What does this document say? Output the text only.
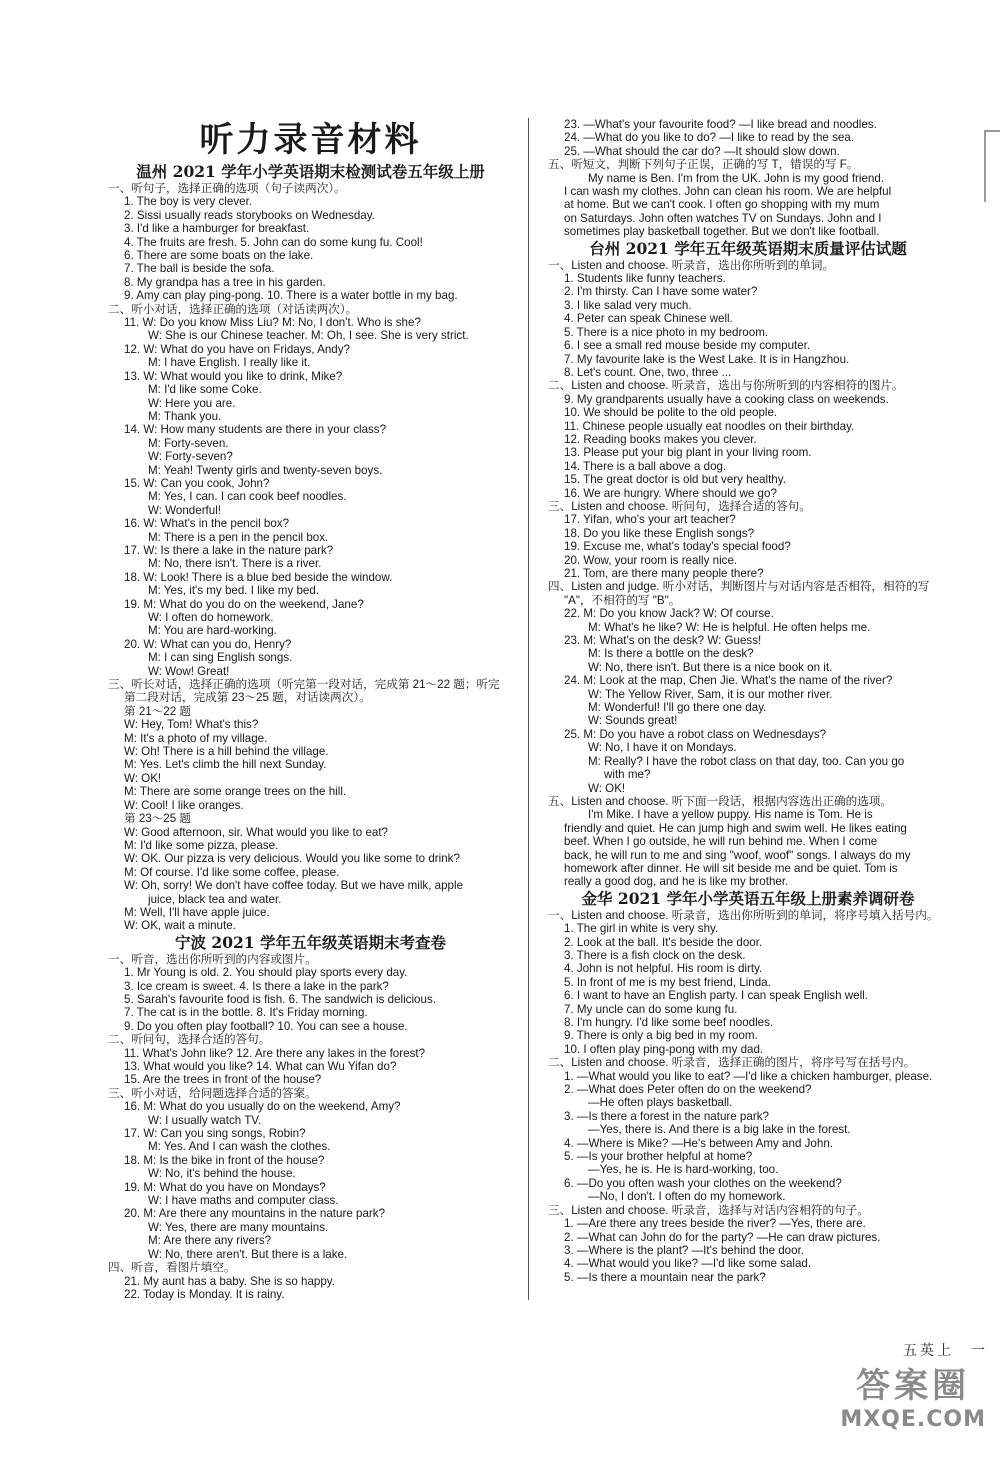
听力录音材料
温州 2021 学年小学英语期末检测试卷五年级上册
一、听句子，选择正确的选项（句子读两次）。
1. The boy is very clever.
2. Sissi usually reads storybooks on Wednesday.
3. I'd like a hamburger for breakfast.
4. The fruits are fresh. 5. John can do some kung fu. Cool!
6. There are some boats on the lake.
7. The ball is beside the sofa.
8. My grandpa has a tree in his garden.
9. Amy can play ping-pong. 10. There is a water bottle in my bag.
二、听小对话，选择正确的选项（对话读两次）。
11. W: Do you know Miss Liu? M: No, I don't. Who is she?
W: She is our Chinese teacher. M: Oh, I see. She is very strict.
12. W: What do you have on Fridays, Andy?
M: I have English. I really like it.
13. W: What would you like to drink, Mike?
M: I'd like some Coke.
W: Here you are.
M: Thank you.
14. W: How many students are there in your class?
M: Forty-seven.
W: Forty-seven?
M: Yeah! Twenty girls and twenty-seven boys.
15. W: Can you cook, John?
M: Yes, I can. I can cook beef noodles.
W: Wonderful!
16. W: What's in the pencil box?
M: There is a pen in the pencil box.
17. W: Is there a lake in the nature park?
M: No, there isn't. There is a river.
18. W: Look! There is a blue bed beside the window.
M: Yes, it's my bed. I like my bed.
19. M: What do you do on the weekend, Jane?
W: I often do homework.
M: You are hard-working.
20. W: What can you do, Henry?
M: I can sing English songs.
W: Wow! Great!
三、听长对话，选择正确的选项（听完第一段对话，完成第 21～22 题；听完
第二段对话，完成第 23～25 题，对话读两次）。
第 21～22 题
W: Hey, Tom! What's this?
M: It's a photo of my village.
W: Oh! There is a hill behind the village.
M: Yes. Let's climb the hill next Sunday.
W: OK!
M: There are some orange trees on the hill.
W: Cool! I like oranges.
第 23～25 题
W: Good afternoon, sir. What would you like to eat?
M: I'd like some pizza, please.
W: OK. Our pizza is very delicious. Would you like some to drink?
M: Of course. I'd like some coffee, please.
W: Oh, sorry! We don't have coffee today. But we have milk, apple
juice, black tea and water.
M: Well, I'll have apple juice.
W: OK, wait a minute.
宁波 2021 学年五年级英语期末考查卷
一、听音，选出你所听到的内容或图片。
1. Mr Young is old. 2. You should play sports every day.
3. Ice cream is sweet. 4. Is there a lake in the park?
5. Sarah's favourite food is fish. 6. The sandwich is delicious.
7. The cat is in the bottle. 8. It's Friday morning.
9. Do you often play football? 10. You can see a house.
二、听问句，选择合适的答句。
11. What's John like? 12. Are there any lakes in the forest?
13. What would you like? 14. What can Wu Yifan do?
15. Are the trees in front of the house?
三、听小对话，给问题选择合适的答案。
16. M: What do you usually do on the weekend, Amy?
W: I usually watch TV.
17. W: Can you sing songs, Robin?
M: Yes. And I can wash the clothes.
18. M: Is the bike in front of the house?
W: No, it's behind the house.
19. M: What do you have on Mondays?
W: I have maths and computer class.
20. M: Are there any mountains in the nature park?
W: Yes, there are many mountains.
M: Are there any rivers?
W: No, there aren't. But there is a lake.
四、听音，看图片填空。
21. My aunt has a baby. She is so happy.
22. Today is Monday. It is rainy.
23. —What's your favourite food? —I like bread and noodles.
24. —What do you like to do? —I like to read by the sea.
25. —What should the car do? —It should slow down.
五、听短文，判断下列句子正误，正确的写 T，错误的写 F。
My name is Ben. I'm from the UK. John is my good friend.
I can wash my clothes. John can clean his room. We are helpful
at home. But we can't cook. I often go shopping with my mum
on Saturdays. John often watches TV on Sundays. John and I
sometimes play basketball together. But we don't like football.
台州 2021 学年五年级英语期末质量评估试题
一、Listen and choose. 听录音，选出你所听到的单词。
1. Students like funny teachers.
2. I'm thirsty. Can I have some water?
3. I like salad very much.
4. Peter can speak Chinese well.
5. There is a nice photo in my bedroom.
6. I see a small red mouse beside my computer.
7. My favourite lake is the West Lake. It is in Hangzhou.
8. Let's count. One, two, three ...
二、Listen and choose. 听录音，选出与你所听到的内容相符的图片。
9. My grandparents usually have a cooking class on weekends.
10. We should be polite to the old people.
11. Chinese people usually eat noodles on their birthday.
12. Reading books makes you clever.
13. Please put your big plant in your living room.
14. There is a ball above a dog.
15. The great doctor is old but very healthy.
16. We are hungry. Where should we go?
三、Listen and choose. 听问句，选择合适的答句。
17. Yifan, who's your art teacher?
18. Do you like these English songs?
19. Excuse me, what's today's special food?
20. Wow, your room is really nice.
21. Tom, are there many people there?
四、Listen and judge. 听小对话，判断图片与对话内容是否相符，相符的写
"A"，不相符的写 "B"。
22. M: Do you know Jack? W: Of course.
M: What's he like? W: He is helpful. He often helps me.
23. M: What's on the desk? W: Guess!
M: Is there a bottle on the desk?
W: No, there isn't. But there is a nice book on it.
24. M: Look at the map, Chen Jie. What's the name of the river?
W: The Yellow River, Sam, it is our mother river.
M: Wonderful! I'll go there one day.
W: Sounds great!
25. M: Do you have a robot class on Wednesdays?
W: No, I have it on Mondays.
M: Really? I have the robot class on that day, too. Can you go
with me?
W: OK!
五、Listen and choose. 听下面一段话，根据内容选出正确的选项。
I'm Mike. I have a yellow puppy. His name is Tom. He is
friendly and quiet. He can jump high and swim well. He likes eating
beef. When I go outside, he will run behind me. When I come
back, he will run to me and sing "woof, woof" songs. I always do my
homework after dinner. He will sit beside me and be quiet. Tom is
really a good dog, and he is like my brother.
金华 2021 学年小学英语五年级上册素养调研卷
一、Listen and choose. 听录音，选出你所听到的单词，将序号填入括号内。
1. The girl in white is very shy.
2. Look at the ball. It's beside the door.
3. There is a fish clock on the desk.
4. John is not helpful. His room is dirty.
5. In front of me is my best friend, Linda.
6. I want to have an English party. I can speak English well.
7. My uncle can do some kung fu.
8. I'm hungry. I'd like some beef noodles.
9. There is only a big bed in my room.
10. I often play ping-pong with my dad.
二、Listen and choose. 听录音，选择正确的图片，将序号写在括号内。
1. —What would you like to eat? —I'd like a chicken hamburger, please.
2. —What does Peter often do on the weekend?
—He often plays basketball.
3. —Is there a forest in the nature park?
—Yes, there is. And there is a big lake in the forest.
4. —Where is Mike? —He's between Amy and John.
5. —Is your brother helpful at home?
—Yes, he is. He is hard-working, too.
6. —Do you often wash your clothes on the weekend?
—No, I don't. I often do my homework.
三、Listen and choose. 听录音，选择与对话内容相符的句子。
1. —Are there any trees beside the river? —Yes, there are.
2. —What can John do for the party? —He can draw pictures.
3. —Where is the plant? —It's behind the door.
4. —What would you like? —I'd like some salad.
5. —Is there a mountain near the park?
五英上　一
答案圈
MXQE.COM
